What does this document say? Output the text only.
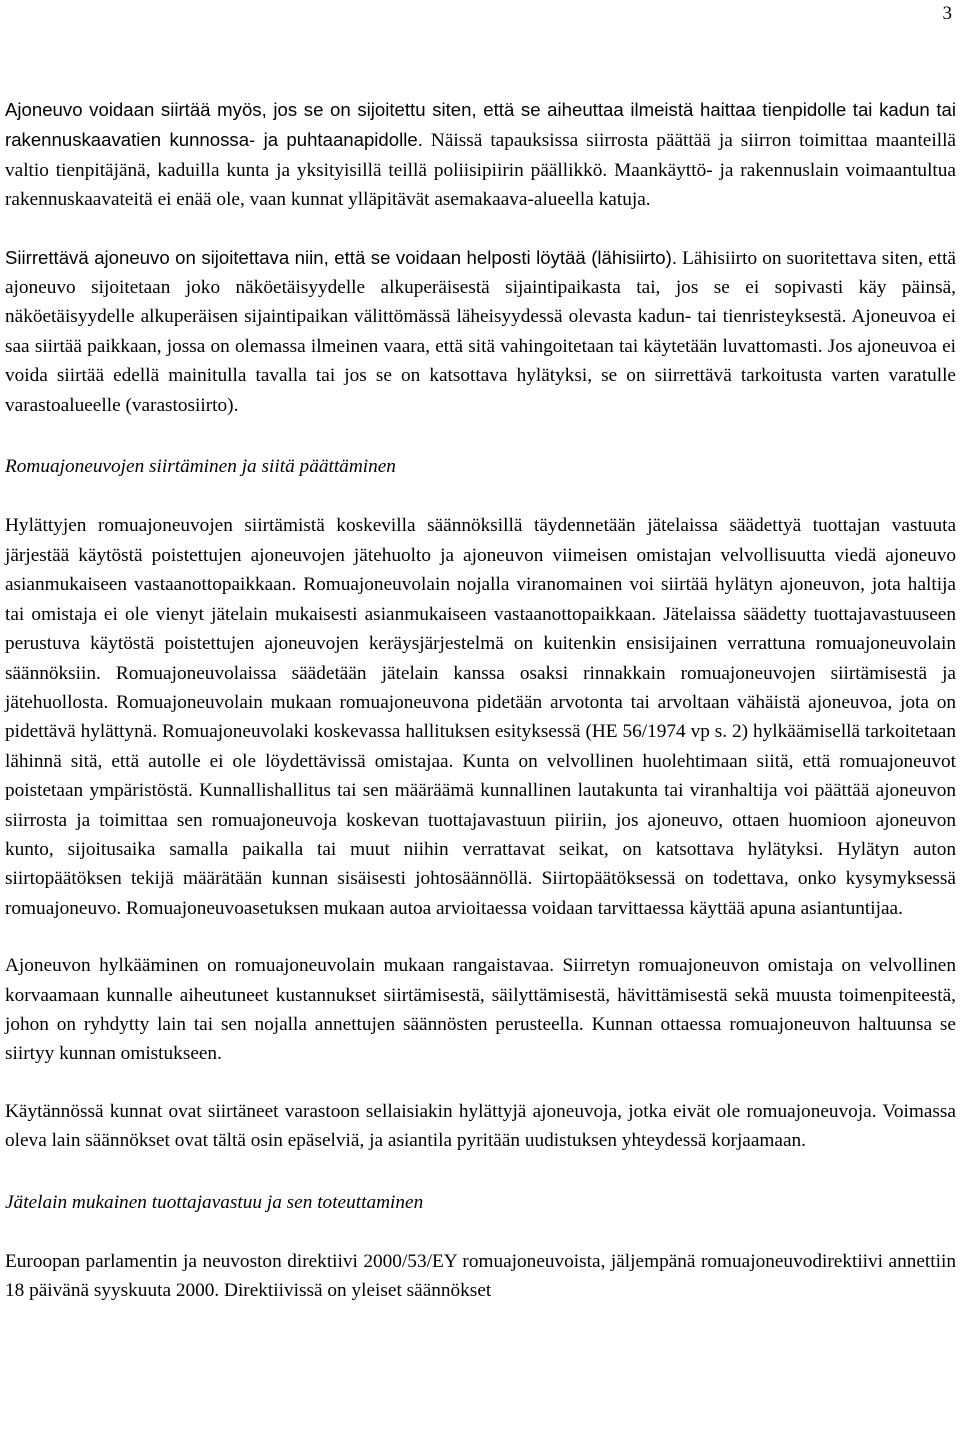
3

Ajoneuvo voidaan siirtää myös, jos se on sijoitettu siten, että se aiheuttaa ilmeistä haittaa tienpidolle tai kadun tai rakennuskaavatien kunnossa- ja puhtaanapidolle. Näissä tapauksissa siirrosta päättää ja siirron toimittaa maanteillä valtio tienpitäjänä, kaduilla kunta ja yksityisillä teillä poliisipiirin päällikkö. Maankäyttö- ja rakennuslain voimaantultua rakennuskaavateitä ei enää ole, vaan kunnat ylläpitävät asemakaava-alueella katuja.

Siirrettävä ajoneuvo on sijoitettava niin, että se voidaan helposti löytää (lähisiirto). Lähisiirto on suoritettava siten, että ajoneuvo sijoitetaan joko näköetäisyydelle alkuperäisestä sijaintipaikasta tai, jos se ei sopivasti käy päinsä, näköetäisyydelle alkuperäisen sijaintipaikan välittömässä läheisyydessä olevasta kadun- tai tienristeyksestä. Ajoneuvoa ei saa siirtää paikkaan, jossa on olemassa ilmeinen vaara, että sitä vahingoitetaan tai käytetään luvattomasti. Jos ajoneuvoa ei voida siirtää edellä mainitulla tavalla tai jos se on katsottava hylätyksi, se on siirrettävä tarkoitusta varten varatulle varastoalueelle (varastosiirto).

Romuajoneuvojen siirtäminen ja siitä päättäminen

Hylättyjen romuajoneuvojen siirtämistä koskevilla säännöksillä täydennetään jätelaissa säädettyä tuottajan vastuuta järjestää käytöstä poistettujen ajoneuvojen jätehuolto ja ajoneuvon viimeisen omistajan velvollisuutta viedä ajoneuvo asianmukaiseen vastaanottopaikkaan. Romuajoneuvolain nojalla viranomainen voi siirtää hylätyn ajoneuvon, jota haltija tai omistaja ei ole vienyt jätelain mukaisesti asianmukaiseen vastaanottopaikkaan. Jätelaissa säädetty tuottajavastuuseen perustuva käytöstä poistettujen ajoneuvojen keräysjärjestelmä on kuitenkin ensisijainen verrattuna romuajoneuvolain säännöksiin. Romuajoneuvolaissa säädetään jätelain kanssa osaksi rinnakkain romuajoneuvojen siirtämisestä ja jätehuollosta. Romuajoneuvolain mukaan romuajoneuvona pidetään arvotonta tai arvoltaan vähäistä ajoneuvoa, jota on pidettävä hylättynä. Romuajoneuvolaki koskevassa hallituksen esityksessä (HE 56/1974 vp s. 2) hylkäämisellä tarkoitetaan lähinnä sitä, että autolle ei ole löydettävissä omistajaa. Kunta on velvollinen huolehtimaan siitä, että romuajoneuvot poistetaan ympäristöstä. Kunnallishallitus tai sen määräämä kunnallinen lautakunta tai viranhaltija voi päättää ajoneuvon siirrosta ja toimittaa sen romuajoneuvoja koskevan tuottajavastuun piiriin, jos ajoneuvo, ottaen huomioon ajoneuvon kunto, sijoitusaika samalla paikalla tai muut niihin verrattavat seikat, on katsottava hylätyksi. Hylätyn auton siirtopäätöksen tekijä määrätään kunnan sisäisesti johtosäännöllä. Siirtopäätöksessä on todettava, onko kysymyksessä romuajoneuvo. Romuajoneuvoasetuksen mukaan autoa arvioitaessa voidaan tarvittaessa käyttää apuna asiantuntijaa.

Ajoneuvon hylkääminen on romuajoneuvolain mukaan rangaistavaa. Siirretyn romuajoneuvon omistaja on velvollinen korvaamaan kunnalle aiheutuneet kustannukset siirtämisestä, säilyttämisestä, hävittämisestä sekä muusta toimenpiteestä, johon on ryhdytty lain tai sen nojalla annettujen säännösten perusteella. Kunnan ottaessa romuajoneuvon haltuunsa se siirtyy kunnan omistukseen.

Käytännössä kunnat ovat siirtäneet varastoon sellaisiakin hylättyjä ajoneuvoja, jotka eivät ole romuajoneuvoja. Voimassa oleva lain säännökset ovat tältä osin epäselviä, ja asiantila pyritään uudistuksen yhteydessä korjaamaan.

Jätelain mukainen tuottajavastuu ja sen toteuttaminen

Euroopan parlamentin ja neuvoston direktiivi 2000/53/EY romuajoneuvoista, jäljempänä romuajoneuvodirektiivi annettiin 18 päivänä syyskuuta 2000. Direktiivissä on yleiset säännökset
